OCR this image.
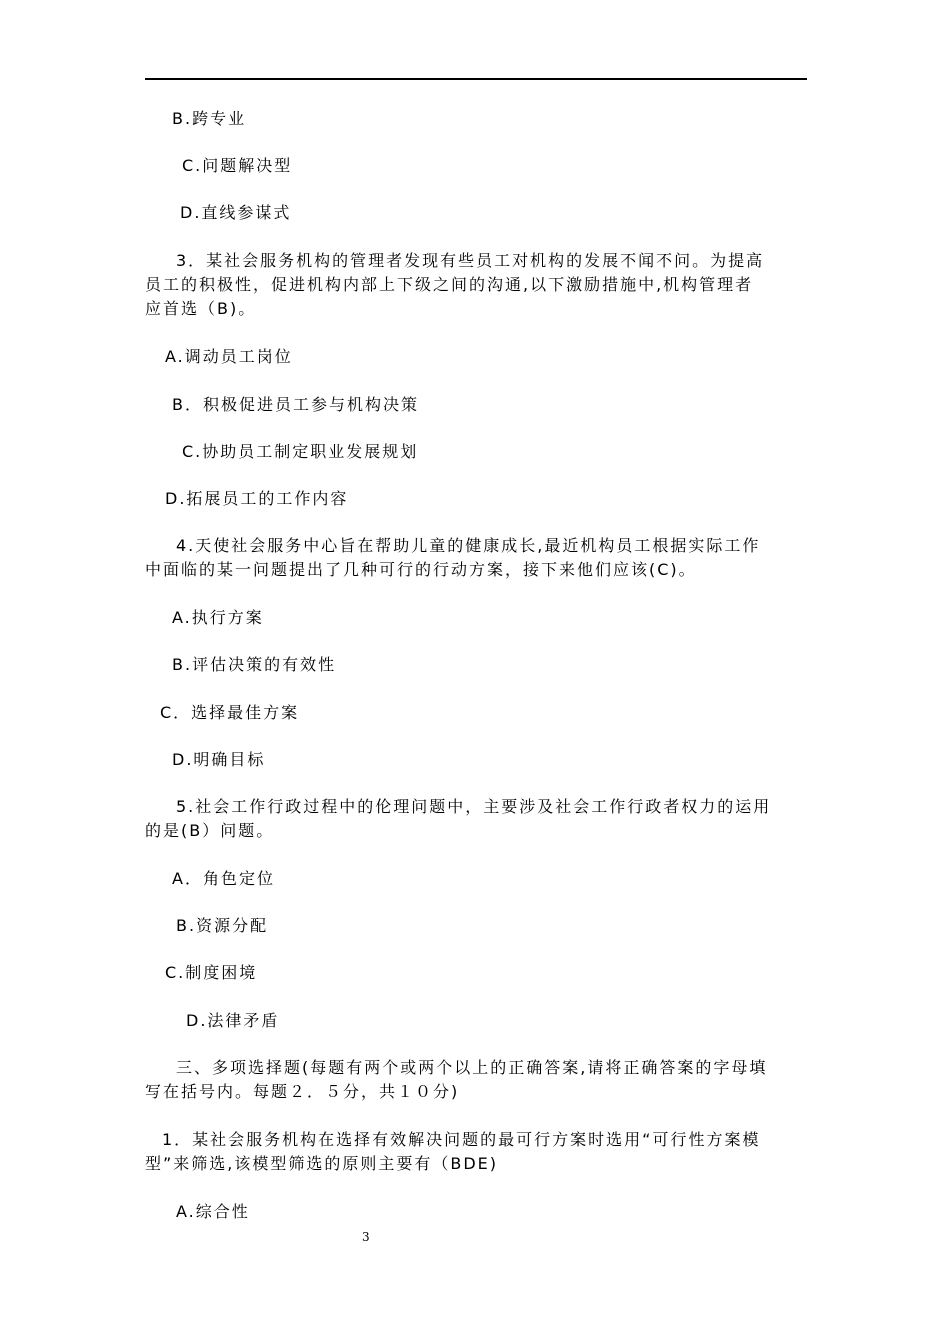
B.跨专业
C.问题解决型
D.直线参谋式
3．某社会服务机构的管理者发现有些员工对机构的发展不闻不问。为提高
员工的积极性，促进机构内部上下级之间的沟通,以下激励措施中,机构管理者
应首选（B)。
A.调动员工岗位
B．积极促进员工参与机构决策
C.协助员工制定职业发展规划
D.拓展员工的工作内容
4.天使社会服务中心旨在帮助儿童的健康成长,最近机构员工根据实际工作
中面临的某一问题提出了几种可行的行动方案，接下来他们应该(C)。
A.执行方案
B.评估决策的有效性
C．选择最佳方案
D.明确目标
5.社会工作行政过程中的伦理问题中，主要涉及社会工作行政者权力的运用
的是(B）问题。
A．角色定位
B.资源分配
C.制度困境
D.法律矛盾
三、多项选择题(每题有两个或两个以上的正确答案,请将正确答案的字母填
写在括号内。每题２．５分，共１０分)
1．某社会服务机构在选择有效解决问题的最可行方案时选用“可行性方案模
型”来筛选,该模型筛选的原则主要有（BDE)
A.综合性
3
